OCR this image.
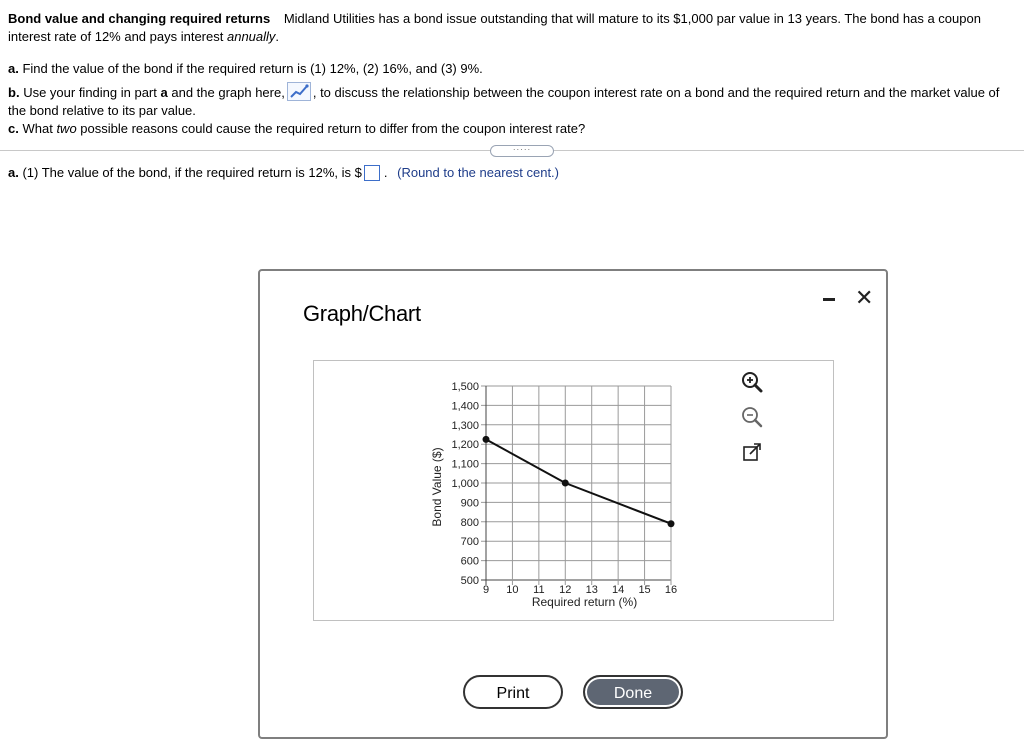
Bond value and changing required returns Midland Utilities has a bond issue outstanding that will mature to its $1,000 par value in 13 years. The bond has a coupon interest rate of 12% and pays interest annually.

a. Find the value of the bond if the required return is (1) 12%, (2) 16%, and (3) 9%.

b. Use your finding in part a and the graph here, , to discuss the relationship between the coupon interest rate on a bond and the required return and the market value of the bond relative to its par value.

c. What two possible reasons could cause the required return to differ from the coupon interest rate?

·····
a. (1) The value of the bond, if the required return is 12%, is $ . (Round to the nearest cent.)
Graph/Chart
✕
500
600
700
800
900
1,000
1,100
1,200
1,300
1,400
1,500
9 10 11 12 13 14 15 16
Required return (%)
Bond Value ($)
Print	Done
